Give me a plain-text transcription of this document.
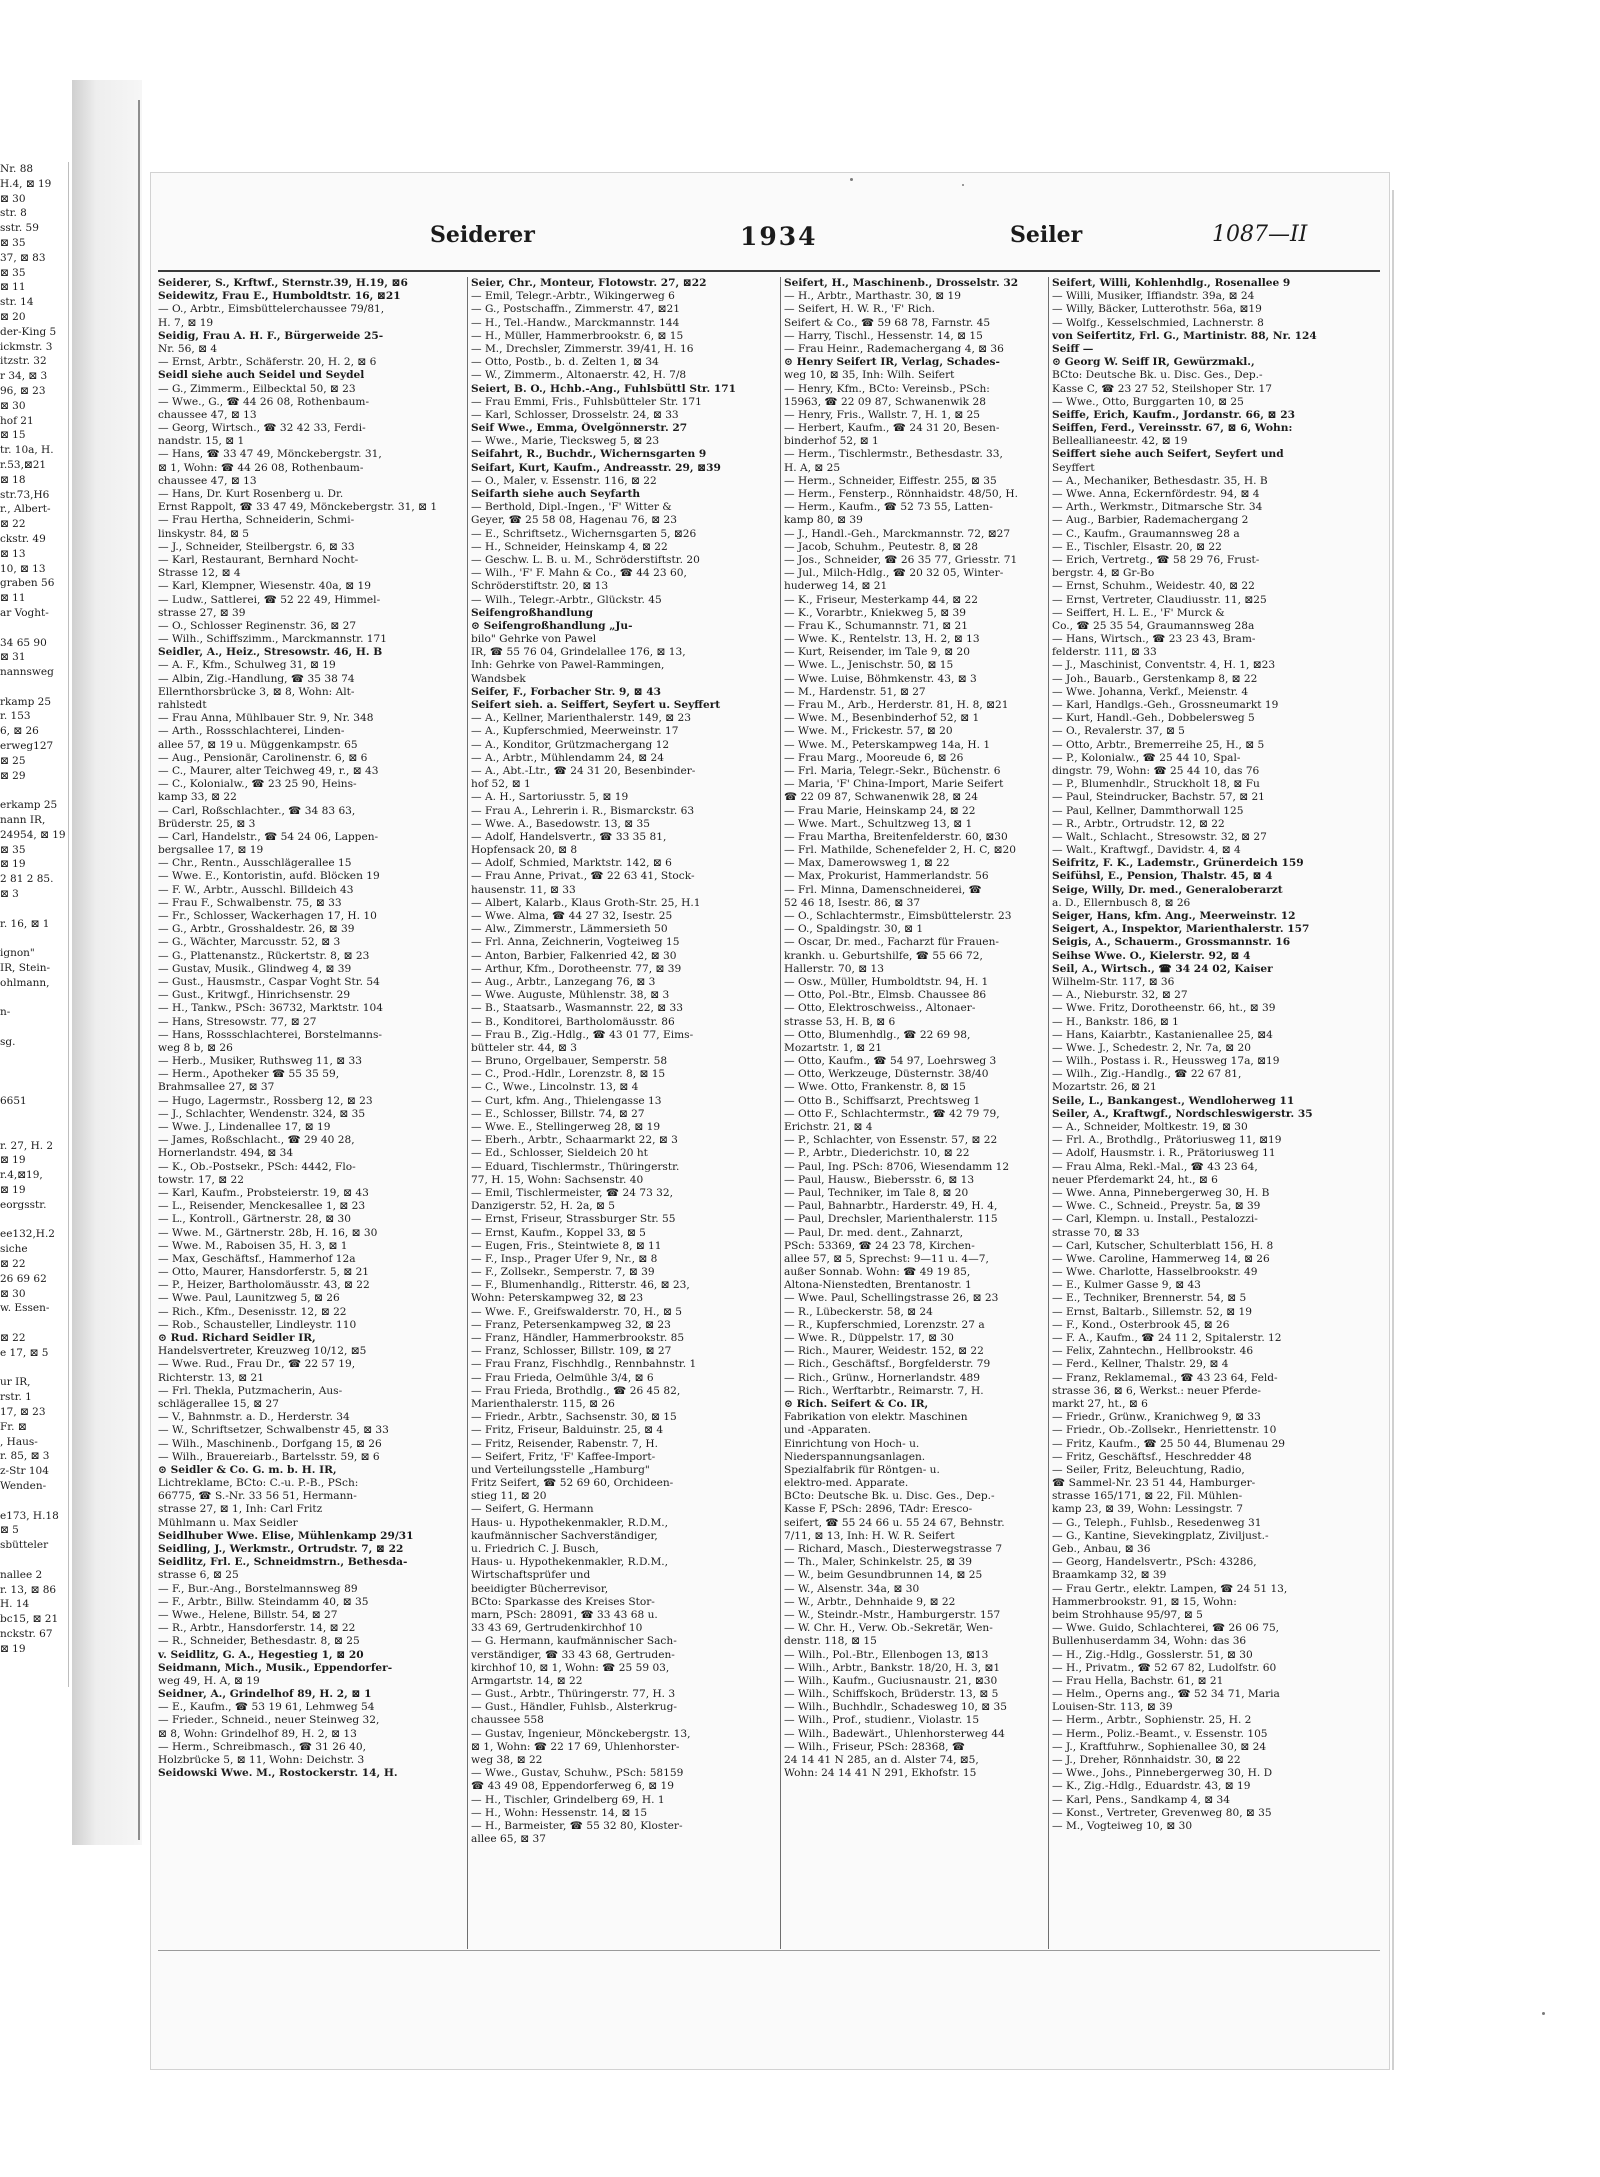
Nr. 88
H.4, ⊠ 19
⊠ 30
str. 8
sstr. 59
⊠ 35
37, ⊠ 83
⊠ 35
⊠ 11
str. 14
⊠ 20
der-King 5
ickmstr. 3
itzstr. 32
r 34, ⊠ 3
96, ⊠ 23
⊠ 30
hof 21
⊠ 15
tr. 10a, H.
r.53,⊠21
⊠ 18
str.73,H6
r., Albert-
⊠ 22
ckstr. 49
⊠ 13
10, ⊠ 13
graben 56
⊠ 11
ar Voght-
34 65 90
⊠ 31
nannsweg
rkamp 25
r. 153
6, ⊠ 26
erweg127
⊠ 25
⊠ 29
erkamp 25
nann IR,
24954, ⊠ 19
⊠ 35
⊠ 19
2 81 2 85.
⊠ 3
r. 16, ⊠ 1
ignon"
IR, Stein-
ohlmann,
n-
sg.
6651
r. 27, H. 2
⊠ 19
r.4,⊠19,
⊠ 19
eorgsstr.
ee132,H.2
siche
⊠ 22
26 69 62
⊠ 30
w. Essen-
⊠ 22
e 17, ⊠ 5
ur IR,
rstr. 1
17, ⊠ 23
Fr. ⊠
, Haus-
r. 85, ⊠ 3
z-Str 104
Wenden-
e173, H.18
⊠ 5
sbütteler
nallee 2
r. 13, ⊠ 86
H. 14
bc15, ⊠ 21
nckstr. 67
⊠ 19
Seiderer	1934	Seiler	1087—II
Seiderer, S., Krftwf., Sternstr.39, H.19, ⊠6
Seidewitz, Frau E., Humboldtstr. 16, ⊠21
— O., Arbtr., Eimsbüttelerchaussee 79/81,
H. 7, ⊠ 19
Seidig, Frau A. H. F., Bürgerweide 25-
Nr. 56, ⊠ 4
— Ernst, Arbtr., Schäferstr. 20, H. 2, ⊠ 6
Seidl siehe auch Seidel und Seydel
— G., Zimmerm., Eilbecktal 50, ⊠ 23
— Wwe., G., ☎ 44 26 08, Rothenbaum-
chaussee 47, ⊠ 13
— Georg, Wirtsch., ☎ 32 42 33, Ferdi-
nandstr. 15, ⊠ 1
— Hans, ☎ 33 47 49, Mönckebergstr. 31,
⊠ 1, Wohn: ☎ 44 26 08, Rothenbaum-
chaussee 47, ⊠ 13
— Hans, Dr. Kurt Rosenberg u. Dr.
Ernst Rappolt, ☎ 33 47 49, Mönckebergstr. 31, ⊠ 1
— Frau Hertha, Schneiderin, Schmi-
linskystr. 84, ⊠ 5
— J., Schneider, Steilbergstr. 6, ⊠ 33
— Karl, Restaurant, Bernhard Nocht-
Strasse 12, ⊠ 4
— Karl, Klempner, Wiesenstr. 40a, ⊠ 19
— Ludw., Sattlerei, ☎ 52 22 49, Himmel-
strasse 27, ⊠ 39
— O., Schlosser Reginenstr. 36, ⊠ 27
— Wilh., Schiffszimm., Marckmannstr. 171
Seidler, A., Heiz., Stresowstr. 46, H. B
— A. F., Kfm., Schulweg 31, ⊠ 19
— Albin, Zig.-Handlung, ☎ 35 38 74
Ellernthorsbrücke 3, ⊠ 8, Wohn: Alt-
rahlstedt
— Frau Anna, Mühlbauer Str. 9, Nr. 348
— Arth., Rossschlachterei, Linden-
allee 57, ⊠ 19 u. Müggenkampstr. 65
— Aug., Pensionär, Carolinenstr. 6, ⊠ 6
— C., Maurer, alter Teichweg 49, r., ⊠ 43
— C., Kolonialw., ☎ 23 25 90, Heins-
kamp 33, ⊠ 22
— Carl, Roßschlachter., ☎ 34 83 63,
Brüderstr. 25, ⊠ 3
— Carl, Handelstr., ☎ 54 24 06, Lappen-
bergsallee 17, ⊠ 19
— Chr., Rentn., Ausschlägerallee 15
— Wwe. E., Kontoristin, aufd. Blöcken 19
— F. W., Arbtr., Ausschl. Billdeich 43
— Frau F., Schwalbenstr. 75, ⊠ 33
— Fr., Schlosser, Wackerhagen 17, H. 10
— G., Arbtr., Grosshaldestr. 26, ⊠ 39
— G., Wächter, Marcusstr. 52, ⊠ 3
— G., Plattenanstz., Rückertstr. 8, ⊠ 23
— Gustav, Musik., Glindweg 4, ⊠ 39
— Gust., Hausmstr., Caspar Voght Str. 54
— Gust., Kritwgf., Hinrichsenstr. 29
— H., Tankw., PSch: 36732, Marktstr. 104
— Hans, Stresowstr. 77, ⊠ 27
— Hans, Rossschlachterei, Borstelmanns-
weg 8 b, ⊠ 26
— Herb., Musiker, Ruthsweg 11, ⊠ 33
— Herm., Apotheker ☎ 55 35 59,
Brahmsallee 27, ⊠ 37
— Hugo, Lagermstr., Rossberg 12, ⊠ 23
— J., Schlachter, Wendenstr. 324, ⊠ 35
— Wwe. J., Lindenallee 17, ⊠ 19
— James, Roßschlacht., ☎ 29 40 28,
Hornerlandstr. 494, ⊠ 34
— K., Ob.-Postsekr., PSch: 4442, Flo-
towstr. 17, ⊠ 22
— Karl, Kaufm., Probsteierstr. 19, ⊠ 43
— L., Reisender, Menckesallee 1, ⊠ 23
— L., Kontroll., Gärtnerstr. 28, ⊠ 30
— Wwe. M., Gärtnerstr. 28b, H. 16, ⊠ 30
— Wwe. M., Raboisen 35, H. 3, ⊠ 1
— Max, Geschäftsf., Hammerhof 12a
— Otto, Maurer, Hansdorferstr. 5, ⊠ 21
— P., Heizer, Bartholomäusstr. 43, ⊠ 22
— Wwe. Paul, Launitzweg 5, ⊠ 26
— Rich., Kfm., Desenisstr. 12, ⊠ 22
— Rob., Schausteller, Lindleystr. 110
⊙ Rud. Richard Seidler IR,
Handelsvertreter, Kreuzweg 10/12, ⊠5
— Wwe. Rud., Frau Dr., ☎ 22 57 19,
Richterstr. 13, ⊠ 21
— Frl. Thekla, Putzmacherin, Aus-
schlägerallee 15, ⊠ 27
— V., Bahnmstr. a. D., Herderstr. 34
— W., Schriftsetzer, Schwalbenstr 45, ⊠ 33
— Wilh., Maschinenb., Dorfgang 15, ⊠ 26
— Wilh., Brauereiarb., Bartelsstr. 59, ⊠ 6
⊙ Seidler & Co. G. m. b. H. IR,
Lichtreklame, BCto: C.-u. P.-B., PSch:
66775, ☎ S.-Nr. 33 56 51, Hermann-
strasse 27, ⊠ 1, Inh: Carl Fritz
Mühlmann u. Max Seidler
Seidlhuber Wwe. Elise, Mühlenkamp 29/31
Seidling, J., Werkmstr., Ortrudstr. 7, ⊠ 22
Seidlitz, Frl. E., Schneidmstrn., Bethesda-
strasse 6, ⊠ 25
— F., Bur.-Ang., Borstelmannsweg 89
— F., Arbtr., Billw. Steindamm 40, ⊠ 35
— Wwe., Helene, Billstr. 54, ⊠ 27
— R., Arbtr., Hansdorferstr. 14, ⊠ 22
— R., Schneider, Bethesdastr. 8, ⊠ 25
v. Seidlitz, G. A., Hegestieg 1, ⊠ 20
Seidmann, Mich., Musik., Eppendorfer-
weg 49, H. A, ⊠ 19
Seidner, A., Grindelhof 89, H. 2, ⊠ 1
— E., Kaufm., ☎ 53 19 61, Lehmweg 54
— Frieder., Schneid., neuer Steinweg 32,
⊠ 8, Wohn: Grindelhof 89, H. 2, ⊠ 13
— Herm., Schreibmasch., ☎ 31 26 40,
Holzbrücke 5, ⊠ 11, Wohn: Deichstr. 3
Seidowski Wwe. M., Rostockerstr. 14, H.
Seier, Chr., Monteur, Flotowstr. 27, ⊠22
— Emil, Telegr.-Arbtr., Wikingerweg 6
— G., Postschaffn., Zimmerstr. 47, ⊠21
— H., Tel.-Handw., Marckmannstr. 144
— H., Müller, Hammerbrookstr. 6, ⊠ 15
— M., Drechsler, Zimmerstr. 39/41, H. 16
— Otto, Postb., b. d. Zelten 1, ⊠ 34
— W., Zimmerm., Altonaerstr. 42, H. 7/8
Seiert, B. O., Hchb.-Ang., Fuhlsbüttl Str. 171
— Frau Emmi, Fris., Fuhlsbütteler Str. 171
— Karl, Schlosser, Drosselstr. 24, ⊠ 33
Seif Wwe., Emma, Övelgönnerstr. 27
— Wwe., Marie, Tiecksweg 5, ⊠ 23
Seifahrt, R., Buchdr., Wichernsgarten 9
Seifart, Kurt, Kaufm., Andreasstr. 29, ⊠39
— O., Maler, v. Essenstr. 116, ⊠ 22
Seifarth siehe auch Seyfarth
— Berthold, Dipl.-Ingen., 'F' Witter &
Geyer, ☎ 25 58 08, Hagenau 76, ⊠ 23
— E., Schriftsetz., Wichernsgarten 5, ⊠26
— H., Schneider, Heinskamp 4, ⊠ 22
— Geschw. L. B. u. M., Schröderstiftstr. 20
— Wilh., 'F' F. Mahn & Co., ☎ 44 23 60,
Schröderstiftstr. 20, ⊠ 13
— Wilh., Telegr.-Arbtr., Glückstr. 45
Seifengroßhandlung
⊙ Seifengroßhandlung „Ju-
bilo" Gehrke von Pawel
IR, ☎ 55 76 04, Grindelallee 176, ⊠ 13,
Inh: Gehrke von Pawel-Rammingen,
Wandsbek
Seifer, F., Forbacher Str. 9, ⊠ 43
Seifert sieh. a. Seiffert, Seyfert u. Seyffert
— A., Kellner, Marienthalerstr. 149, ⊠ 23
— A., Kupferschmied, Meerweinstr. 17
— A., Konditor, Grützmachergang 12
— A., Arbtr., Mühlendamm 24, ⊠ 24
— A., Abt.-Ltr., ☎ 24 31 20, Besenbinder-
hof 52, ⊠ 1
— A. H., Sartoriusstr. 5, ⊠ 19
— Frau A., Lehrerin i. R., Bismarckstr. 63
— Wwe. A., Basedowstr. 13, ⊠ 35
— Adolf, Handelsvertr., ☎ 33 35 81,
Hopfensack 20, ⊠ 8
— Adolf, Schmied, Marktstr. 142, ⊠ 6
— Frau Anne, Privat., ☎ 22 63 41, Stock-
hausenstr. 11, ⊠ 33
— Albert, Kalarb., Klaus Groth-Str. 25, H.1
— Wwe. Alma, ☎ 44 27 32, Isestr. 25
— Alw., Zimmerstr., Lämmersieth 50
— Frl. Anna, Zeichnerin, Vogteiweg 15
— Anton, Barbier, Falkenried 42, ⊠ 30
— Arthur, Kfm., Dorotheenstr. 77, ⊠ 39
— Aug., Arbtr., Lanzegang 76, ⊠ 3
— Wwe. Auguste, Mühlenstr. 38, ⊠ 3
— B., Staatsarb., Wasmannstr. 22, ⊠ 33
— B., Konditorei, Bartholomäusstr. 86
— Frau B., Zig.-Hdlg., ☎ 43 01 77, Eims-
bütteler str. 44, ⊠ 3
— Bruno, Orgelbauer, Semperstr. 58
— C., Prod.-Hdlr., Lorenzstr. 8, ⊠ 15
— C., Wwe., Lincolnstr. 13, ⊠ 4
— Curt, kfm. Ang., Thielengasse 13
— E., Schlosser, Billstr. 74, ⊠ 27
— Wwe. E., Stellingerweg 28, ⊠ 19
— Eberh., Arbtr., Schaarmarkt 22, ⊠ 3
— Ed., Schlosser, Sieldeich 20 ht
— Eduard, Tischlermstr., Thüringerstr.
77, H. 15, Wohn: Sachsenstr. 40
— Emil, Tischlermeister, ☎ 24 73 32,
Danzigerstr. 52, H. 2a, ⊠ 5
— Ernst, Friseur, Strassburger Str. 55
— Ernst, Kaufm., Koppel 33, ⊠ 5
— Eugen, Fris., Steintwiete 8, ⊠ 11
— F., Insp., Prager Ufer 9, Nr., ⊠ 8
— F., Zollsekr., Semperstr. 7, ⊠ 39
— F., Blumenhandlg., Ritterstr. 46, ⊠ 23,
Wohn: Peterskampweg 32, ⊠ 23
— Wwe. F., Greifswalderstr. 70, H., ⊠ 5
— Franz, Petersenkampweg 32, ⊠ 23
— Franz, Händler, Hammerbrookstr. 85
— Franz, Schlosser, Billstr. 109, ⊠ 27
— Frau Franz, Fischhdlg., Rennbahnstr. 1
— Frau Frieda, Oelmühle 3/4, ⊠ 6
— Frau Frieda, Brothdlg., ☎ 26 45 82,
Marienthalerstr. 115, ⊠ 26
— Friedr., Arbtr., Sachsenstr. 30, ⊠ 15
— Fritz, Friseur, Balduinstr. 25, ⊠ 4
— Fritz, Reisender, Rabenstr. 7, H.
— Seifert, Fritz, 'F' Kaffee-Import-
und Verteilungsstelle „Hamburg"
Fritz Seifert, ☎ 52 69 60, Orchideen-
stieg 11, ⊠ 20
— Seifert, G. Hermann
Haus- u. Hypothekenmakler, R.D.M.,
kaufmännischer Sachverständiger,
u. Friedrich C. J. Busch,
Haus- u. Hypothekenmakler, R.D.M.,
Wirtschaftsprüfer und
beeidigter Bücherrevisor,
BCto: Sparkasse des Kreises Stor-
marn, PSch: 28091, ☎ 33 43 68 u.
33 43 69, Gertrudenkirchhof 10
— G. Hermann, kaufmännischer Sach-
verständiger, ☎ 33 43 68, Gertruden-
kirchhof 10, ⊠ 1, Wohn: ☎ 25 59 03,
Armgartstr. 14, ⊠ 22
— Gust., Arbtr., Thüringerstr. 77, H. 3
— Gust., Händler, Fuhlsb., Alsterkrug-
chaussee 558
— Gustav, Ingenieur, Mönckebergstr. 13,
⊠ 1, Wohn: ☎ 22 17 69, Uhlenhorster-
weg 38, ⊠ 22
— Wwe., Gustav, Schuhw., PSch: 58159
☎ 43 49 08, Eppendorferweg 6, ⊠ 19
— H., Tischler, Grindelberg 69, H. 1
— H., Wohn: Hessenstr. 14, ⊠ 15
— H., Barmeister, ☎ 55 32 80, Kloster-
allee 65, ⊠ 37
Seifert, H., Maschinenb., Drosselstr. 32
— H., Arbtr., Marthastr. 30, ⊠ 19
— Seifert, H. W. R., 'F' Rich.
Seifert & Co., ☎ 59 68 78, Farnstr. 45
— Harry, Tischl., Hessenstr. 14, ⊠ 15
— Frau Heinr., Rademachergang 4, ⊠ 36
⊙ Henry Seifert IR, Verlag, Schades-
weg 10, ⊠ 35, Inh: Wilh. Seifert
— Henry, Kfm., BCto: Vereinsb., PSch:
15963, ☎ 22 09 87, Schwanenwik 28
— Henry, Fris., Wallstr. 7, H. 1, ⊠ 25
— Herbert, Kaufm., ☎ 24 31 20, Besen-
binderhof 52, ⊠ 1
— Herm., Tischlermstr., Bethesdastr. 33,
H. A, ⊠ 25
— Herm., Schneider, Eiffestr. 255, ⊠ 35
— Herm., Fensterp., Rönnhaidstr. 48/50, H.
— Herm., Kaufm., ☎ 52 73 55, Latten-
kamp 80, ⊠ 39
— J., Handl.-Geh., Marckmannstr. 72, ⊠27
— Jacob, Schuhm., Peutestr. 8, ⊠ 28
— Jos., Schneider, ☎ 26 35 77, Griesstr. 71
— Jul., Milch-Hdlg., ☎ 20 32 05, Winter-
huderweg 14, ⊠ 21
— K., Friseur, Mesterkamp 44, ⊠ 22
— K., Vorarbtr., Kniekweg 5, ⊠ 39
— Frau K., Schumannstr. 71, ⊠ 21
— Wwe. K., Rentelstr. 13, H. 2, ⊠ 13
— Kurt, Reisender, im Tale 9, ⊠ 20
— Wwe. L., Jenischstr. 50, ⊠ 15
— Wwe. Luise, Böhmkenstr. 43, ⊠ 3
— M., Hardenstr. 51, ⊠ 27
— Frau M., Arb., Herderstr. 81, H. 8, ⊠21
— Wwe. M., Besenbinderhof 52, ⊠ 1
— Wwe. M., Frickestr. 57, ⊠ 20
— Wwe. M., Peterskampweg 14a, H. 1
— Frau Marg., Mooreude 6, ⊠ 26
— Frl. Maria, Telegr.-Sekr., Büchenstr. 6
— Maria, 'F' China-Import, Marie Seifert
☎ 22 09 87, Schwanenwik 28, ⊠ 24
— Frau Marie, Heinskamp 24, ⊠ 22
— Wwe. Mart., Schultzweg 13, ⊠ 1
— Frau Martha, Breitenfelderstr. 60, ⊠30
— Frl. Mathilde, Schenefelder 2, H. C, ⊠20
— Max, Damerowsweg 1, ⊠ 22
— Max, Prokurist, Hammerlandstr. 56
— Frl. Minna, Damenschneiderei, ☎
52 46 18, Isestr. 86, ⊠ 37
— O., Schlachtermstr., Eimsbüttelerstr. 23
— O., Spaldingstr. 30, ⊠ 1
— Oscar, Dr. med., Facharzt für Frauen-
krankh. u. Geburtshilfe, ☎ 55 66 72,
Hallerstr. 70, ⊠ 13
— Osw., Müller, Humboldtstr. 94, H. 1
— Otto, Pol.-Btr., Elmsb. Chaussee 86
— Otto, Elektroschweiss., Altonaer-
strasse 53, H. B, ⊠ 6
— Otto, Blumenhdlg., ☎ 22 69 98,
Mozartstr. 1, ⊠ 21
— Otto, Kaufm., ☎ 54 97, Loehrsweg 3
— Otto, Werkzeuge, Düsternstr. 38/40
— Wwe. Otto, Frankenstr. 8, ⊠ 15
— Otto B., Schiffsarzt, Prechtsweg 1
— Otto F., Schlachtermstr., ☎ 42 79 79,
Erichstr. 21, ⊠ 4
— P., Schlachter, von Essenstr. 57, ⊠ 22
— P., Arbtr., Diederichstr. 10, ⊠ 22
— Paul, Ing. PSch: 8706, Wiesendamm 12
— Paul, Hausw., Biebersstr. 6, ⊠ 13
— Paul, Techniker, im Tale 8, ⊠ 20
— Paul, Bahnarbtr., Harderstr. 49, H. 4,
— Paul, Drechsler, Marienthalerstr. 115
— Paul, Dr. med. dent., Zahnarzt,
PSch: 53369, ☎ 24 23 78, Kirchen-
allee 57, ⊠ 5, Sprechst: 9—11 u. 4—7,
außer Sonnab. Wohn: ☎ 49 19 85,
Altona-Nienstedten, Brentanostr. 1
— Wwe. Paul, Schellingstrasse 26, ⊠ 23
— R., Lübeckerstr. 58, ⊠ 24
— R., Kupferschmied, Lorenzstr. 27 a
— Wwe. R., Düppelstr. 17, ⊠ 30
— Rich., Maurer, Weidestr. 152, ⊠ 22
— Rich., Geschäftsf., Borgfelderstr. 79
— Rich., Grünw., Hornerlandstr. 489
— Rich., Werftarbtr., Reimarstr. 7, H.
⊙ Rich. Seifert & Co. IR,
Fabrikation von elektr. Maschinen
und -Apparaten.
Einrichtung von Hoch- u.
Niederspannungsanlagen.
Spezialfabrik für Röntgen- u.
elektro-med. Apparate.
BCto: Deutsche Bk. u. Disc. Ges., Dep.-
Kasse F, PSch: 2896, TAdr: Eresco-
seifert, ☎ 55 24 66 u. 55 24 67, Behnstr.
7/11, ⊠ 13, Inh: H. W. R. Seifert
— Richard, Masch., Diesterwegstrasse 7
— Th., Maler, Schinkelstr. 25, ⊠ 39
— W., beim Gesundbrunnen 14, ⊠ 25
— W., Alsenstr. 34a, ⊠ 30
— W., Arbtr., Dehnhaide 9, ⊠ 22
— W., Steindr.-Mstr., Hamburgerstr. 157
— W. Chr. H., Verw. Ob.-Sekretär, Wen-
denstr. 118, ⊠ 15
— Wilh., Pol.-Btr., Ellenbogen 13, ⊠13
— Wilh., Arbtr., Bankstr. 18/20, H. 3, ⊠1
— Wilh., Kaufm., Guciusnaustr. 21, ⊠30
— Wilh., Schiffskoch, Brüderstr. 13, ⊠ 5
— Wilh., Buchhdlr., Schadesweg 10, ⊠ 35
— Wilh., Prof., studienr., Violastr. 15
— Wilh., Badewärt., Uhlenhorsterweg 44
— Wilh., Friseur, PSch: 28368, ☎
24 14 41 N 285, an d. Alster 74, ⊠5,
Wohn: 24 14 41 N 291, Ekhofstr. 15
Seifert, Willi, Kohlenhdlg., Rosenallee 9
— Willi, Musiker, Iffiandstr. 39a, ⊠ 24
— Willy, Bäcker, Lutterothstr. 56a, ⊠19
— Wolfg., Kesselschmied, Lachnerstr. 8
von Seifertitz, Frl. G., Martinistr. 88, Nr. 124
Seiff —
⊙ Georg W. Seiff IR, Gewürzmakl.,
BCto: Deutsche Bk. u. Disc. Ges., Dep.-
Kasse C, ☎ 23 27 52, Steilshoper Str. 17
— Wwe., Otto, Burggarten 10, ⊠ 25
Seiffe, Erich, Kaufm., Jordanstr. 66, ⊠ 23
Seiffen, Ferd., Vereinsstr. 67, ⊠ 6, Wohn:
Belleallianeestr. 42, ⊠ 19
Seiffert siehe auch Seifert, Seyfert und
Seyffert
— A., Mechaniker, Bethesdastr. 35, H. B
— Wwe. Anna, Eckernfördestr. 94, ⊠ 4
— Arth., Werkmstr., Ditmarsche Str. 34
— Aug., Barbier, Rademachergang 2
— C., Kaufm., Graumannsweg 28 a
— E., Tischler, Elsastr. 20, ⊠ 22
— Erich, Vertretg., ☎ 58 29 76, Frust-
bergstr. 4, ⊠ Gr-Bo
— Ernst, Schuhm., Weidestr. 40, ⊠ 22
— Ernst, Vertreter, Claudiusstr. 11, ⊠25
— Seiffert, H. L. E., 'F' Murck &
Co., ☎ 25 35 54, Graumannsweg 28a
— Hans, Wirtsch., ☎ 23 23 43, Bram-
felderstr. 111, ⊠ 33
— J., Maschinist, Conventstr. 4, H. 1, ⊠23
— Joh., Bauarb., Gerstenkamp 8, ⊠ 22
— Wwe. Johanna, Verkf., Meienstr. 4
— Karl, Handlgs.-Geh., Grossneumarkt 19
— Kurt, Handl.-Geh., Dobbelersweg 5
— O., Revalerstr. 37, ⊠ 5
— Otto, Arbtr., Bremerreihe 25, H., ⊠ 5
— P., Kolonialw., ☎ 25 44 10, Spal-
dingstr. 79, Wohn: ☎ 25 44 10, das 76
— P., Blumenhdlr., Struckholt 18, ⊠ Fu
— Paul, Steindrucker, Bachstr. 57, ⊠ 21
— Paul, Kellner, Dammthorwall 125
— R., Arbtr., Ortrudstr. 12, ⊠ 22
— Walt., Schlacht., Stresowstr. 32, ⊠ 27
— Walt., Kraftwgf., Davidstr. 4, ⊠ 4
Seifritz, F. K., Lademstr., Grünerdeich 159
Seifühsl, E., Pension, Thalstr. 45, ⊠ 4
Seige, Willy, Dr. med., Generaloberarzt
a. D., Ellernbusch 8, ⊠ 26
Seiger, Hans, kfm. Ang., Meerweinstr. 12
Seigert, A., Inspektor, Marienthalerstr. 157
Seigis, A., Schauerm., Grossmannstr. 16
Seihse Wwe. O., Kielerstr. 92, ⊠ 4
Seil, A., Wirtsch., ☎ 34 24 02, Kaiser
Wilhelm-Str. 117, ⊠ 36
— A., Nieburstr. 32, ⊠ 27
— Wwe. Fritz, Dorotheenstr. 66, ht., ⊠ 39
— H., Bankstr. 186, ⊠ 1
— Hans, Kaiarbtr., Kastanienallee 25, ⊠4
— Wwe. J., Schedestr. 2, Nr. 7a, ⊠ 20
— Wilh., Postass i. R., Heussweg 17a, ⊠19
— Wilh., Zig.-Handlg., ☎ 22 67 81,
Mozartstr. 26, ⊠ 21
Seile, L., Bankangest., Wendloherweg 11
Seiler, A., Kraftwgf., Nordschleswigerstr. 35
— A., Schneider, Moltkestr. 19, ⊠ 30
— Frl. A., Brothdlg., Prätoriusweg 11, ⊠19
— Adolf, Hausmstr. i. R., Prätoriusweg 11
— Frau Alma, Rekl.-Mal., ☎ 43 23 64,
neuer Pferdemarkt 24, ht., ⊠ 6
— Wwe. Anna, Pinnebergerweg 30, H. B
— Wwe. C., Schneid., Preystr. 5a, ⊠ 39
— Carl, Klempn. u. Install., Pestalozzi-
strasse 70, ⊠ 33
— Carl, Kutscher, Schulterblatt 156, H. 8
— Wwe. Caroline, Hammerweg 14, ⊠ 26
— Wwe. Charlotte, Hasselbrookstr. 49
— E., Kulmer Gasse 9, ⊠ 43
— E., Techniker, Brennerstr. 54, ⊠ 5
— Ernst, Baltarb., Sillemstr. 52, ⊠ 19
— F., Kond., Osterbrook 45, ⊠ 26
— F. A., Kaufm., ☎ 24 11 2, Spitalerstr. 12
— Felix, Zahntechn., Hellbrookstr. 46
— Ferd., Kellner, Thalstr. 29, ⊠ 4
— Franz, Reklamemal., ☎ 43 23 64, Feld-
strasse 36, ⊠ 6, Werkst.: neuer Pferde-
markt 27, ht., ⊠ 6
— Friedr., Grünw., Kranichweg 9, ⊠ 33
— Friedr., Ob.-Zollsekr., Henriettenstr. 10
— Fritz, Kaufm., ☎ 25 50 44, Blumenau 29
— Fritz, Geschäftsf., Heschredder 48
— Seiler, Fritz, Beleuchtung, Radio,
☎ Sammel-Nr. 23 51 44, Hamburger-
strasse 165/171, ⊠ 22, Fil. Mühlen-
kamp 23, ⊠ 39, Wohn: Lessingstr. 7
— G., Teleph., Fuhlsb., Resedenweg 31
— G., Kantine, Sievekingplatz, Ziviljust.-
Geb., Anbau, ⊠ 36
— Georg, Handelsvertr., PSch: 43286,
Braamkamp 32, ⊠ 39
— Frau Gertr., elektr. Lampen, ☎ 24 51 13,
Hammerbrookstr. 91, ⊠ 15, Wohn:
beim Strohhause 95/97, ⊠ 5
— Wwe. Guido, Schlachterei, ☎ 26 06 75,
Bullenhuserdamm 34, Wohn: das 36
— H., Zig.-Hdlg., Gosslerstr. 51, ⊠ 30
— H., Privatm., ☎ 52 67 82, Ludolfstr. 60
— Frau Hella, Bachstr. 61, ⊠ 21
— Helm., Operns ang., ☎ 52 34 71, Maria
Louisen-Str. 113, ⊠ 39
— Herm., Arbtr., Sophienstr. 25, H. 2
— Herm., Poliz.-Beamt., v. Essenstr. 105
— J., Kraftfuhrw., Sophienallee 30, ⊠ 24
— J., Dreher, Rönnhaidstr. 30, ⊠ 22
— Wwe., Johs., Pinnebergerweg 30, H. D
— K., Zig.-Hdlg., Eduardstr. 43, ⊠ 19
— Karl, Pens., Sandkamp 4, ⊠ 34
— Konst., Vertreter, Grevenweg 80, ⊠ 35
— M., Vogteiweg 10, ⊠ 30
